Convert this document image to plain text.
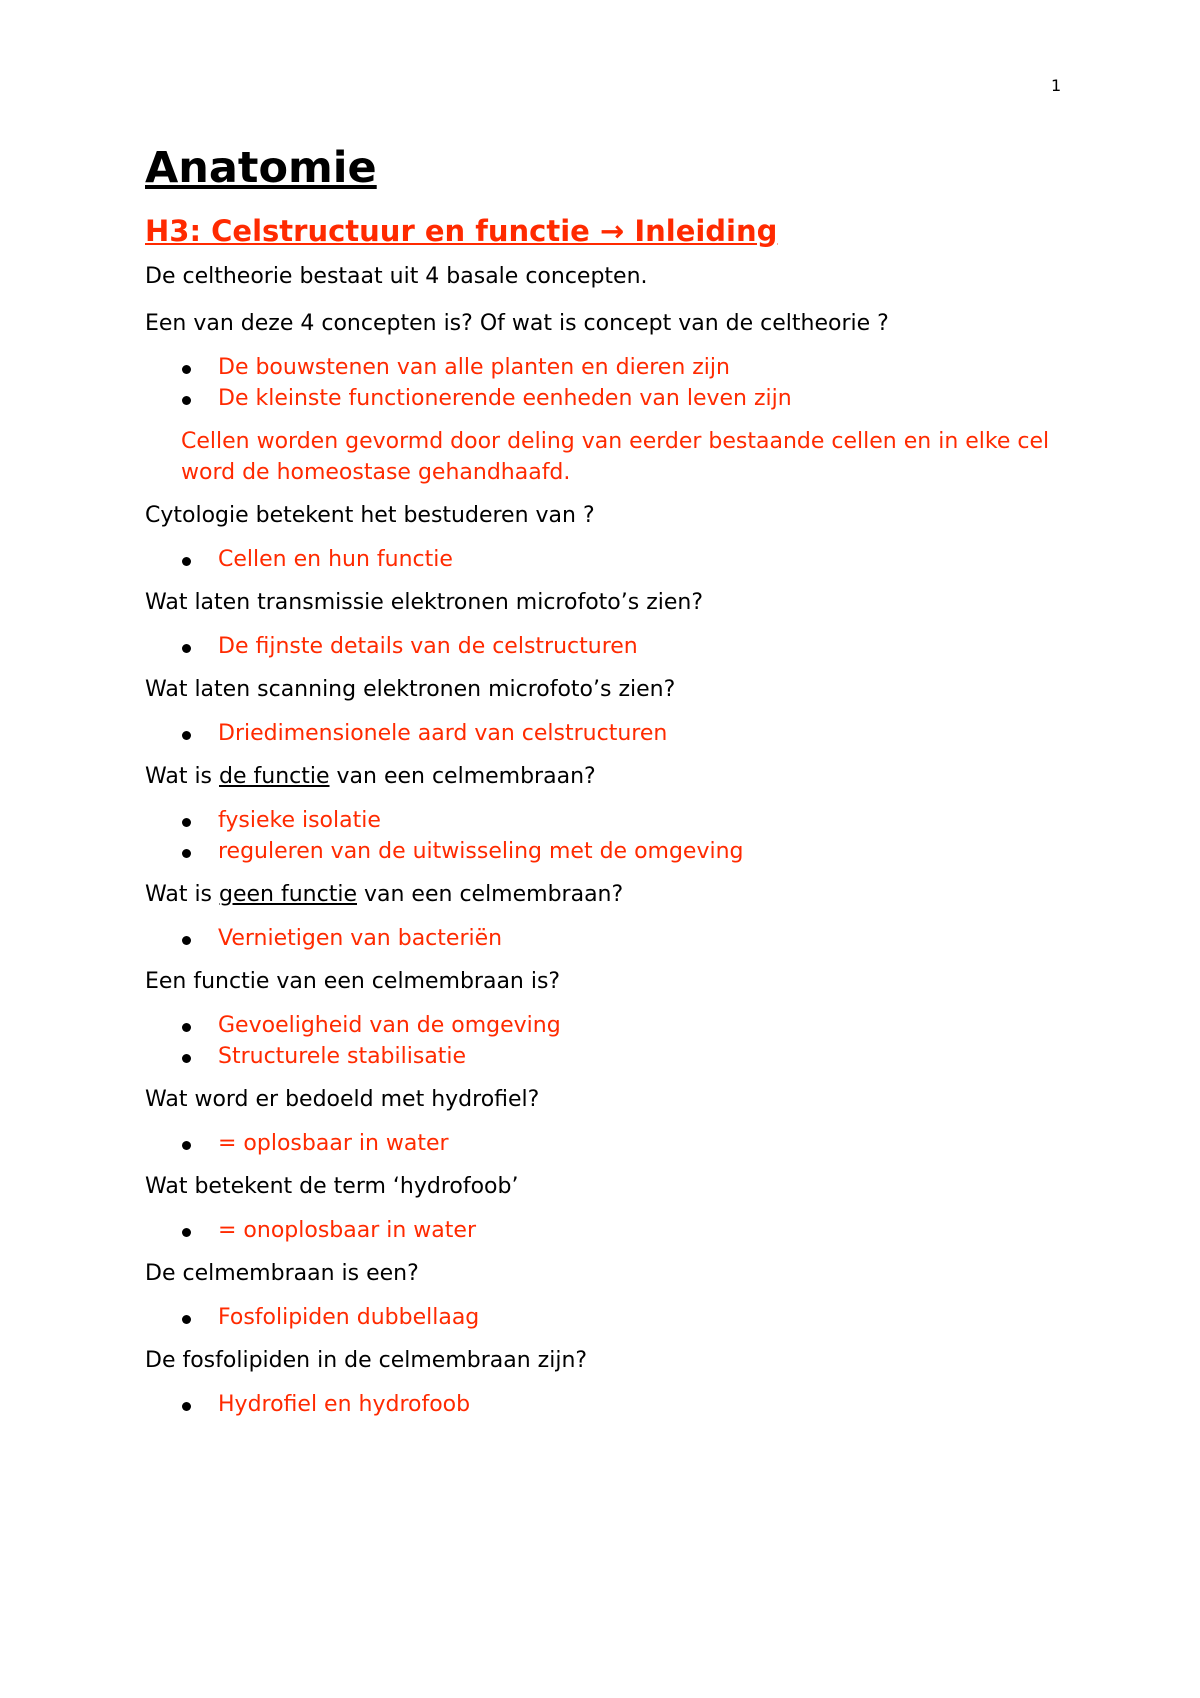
1
Anatomie
H3: Celstructuur en functie → Inleiding

De celtheorie bestaat uit 4 basale concepten.

Een van deze 4 concepten is? Of wat is concept van de celtheorie ?

De bouwstenen van alle planten en dieren zijn
De kleinste functionerende eenheden van leven zijn

Cellen worden gevormd door deling van eerder bestaande cellen en in elke cel word de homeostase gehandhaafd.

Cytologie betekent het bestuderen van ?

Cellen en hun functie

Wat laten transmissie elektronen microfoto’s zien?

De fijnste details van de celstructuren

Wat laten scanning elektronen microfoto’s zien?

Driedimensionele aard van celstructuren

Wat is de functie van een celmembraan?

fysieke isolatie
reguleren van de uitwisseling met de omgeving

Wat is geen functie van een celmembraan?

Vernietigen van bacteriën

Een functie van een celmembraan is?

Gevoeligheid van de omgeving
Structurele stabilisatie

Wat word er bedoeld met hydrofiel?

= oplosbaar in water

Wat betekent de term ‘hydrofoob’

= onoplosbaar in water

De celmembraan is een?

Fosfolipiden dubbellaag

De fosfolipiden in de celmembraan zijn?

Hydrofiel en hydrofoob
